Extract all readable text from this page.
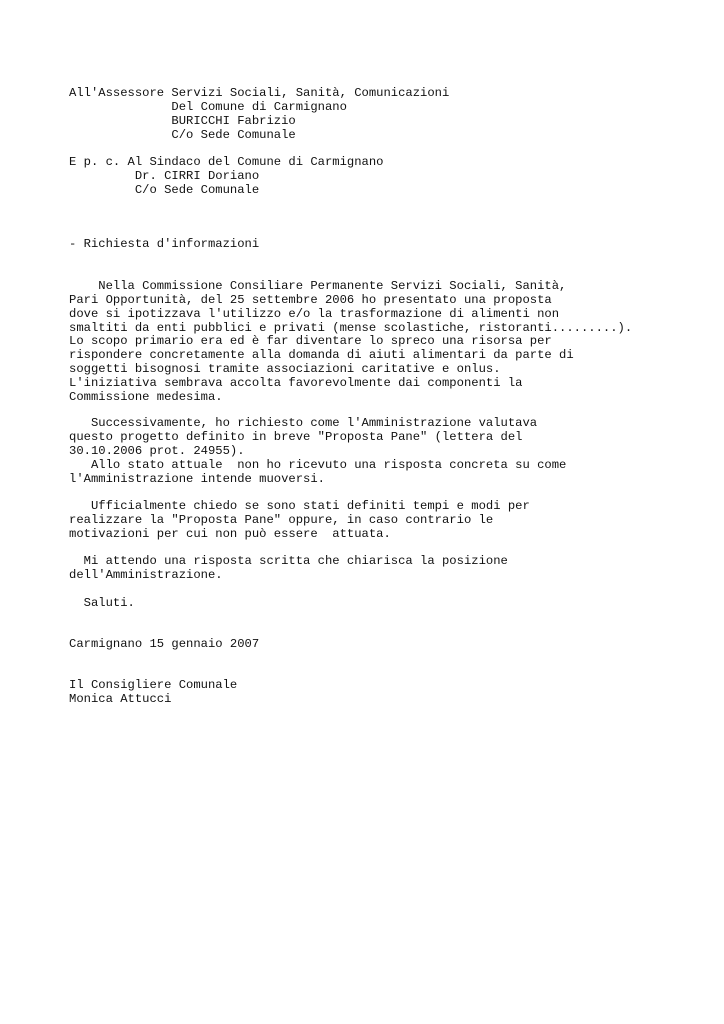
All'Assessore Servizi Sociali, Sanità, Comunicazioni

Del Comune di Carmignano

BURICCHI Fabrizio

C/o Sede Comunale

E p. c. Al Sindaco del Comune di Carmignano

Dr. CIRRI Doriano

C/o Sede Comunale

- Richiesta d'informazioni

Nella Commissione Consiliare Permanente Servizi Sociali, Sanità,

Pari Opportunità, del 25 settembre 2006 ho presentato una proposta

dove si ipotizzava l'utilizzo e/o la trasformazione di alimenti non

smaltiti da enti pubblici e privati (mense scolastiche, ristoranti.........).

Lo scopo primario era ed è far diventare lo spreco una risorsa per

rispondere concretamente alla domanda di aiuti alimentari da parte di

soggetti bisognosi tramite associazioni caritative e onlus.

L'iniziativa sembrava accolta favorevolmente dai componenti la

Commissione medesima.

Successivamente, ho richiesto come l'Amministrazione valutava

questo progetto definito in breve "Proposta Pane" (lettera del

30.10.2006 prot. 24955).

Allo stato attuale  non ho ricevuto una risposta concreta su come

l'Amministrazione intende muoversi.

Ufficialmente chiedo se sono stati definiti tempi e modi per

realizzare la "Proposta Pane" oppure, in caso contrario le

motivazioni per cui non può essere  attuata.

Mi attendo una risposta scritta che chiarisca la posizione

dell'Amministrazione.

Saluti.

Carmignano 15 gennaio 2007

Il Consigliere Comunale

Monica Attucci
